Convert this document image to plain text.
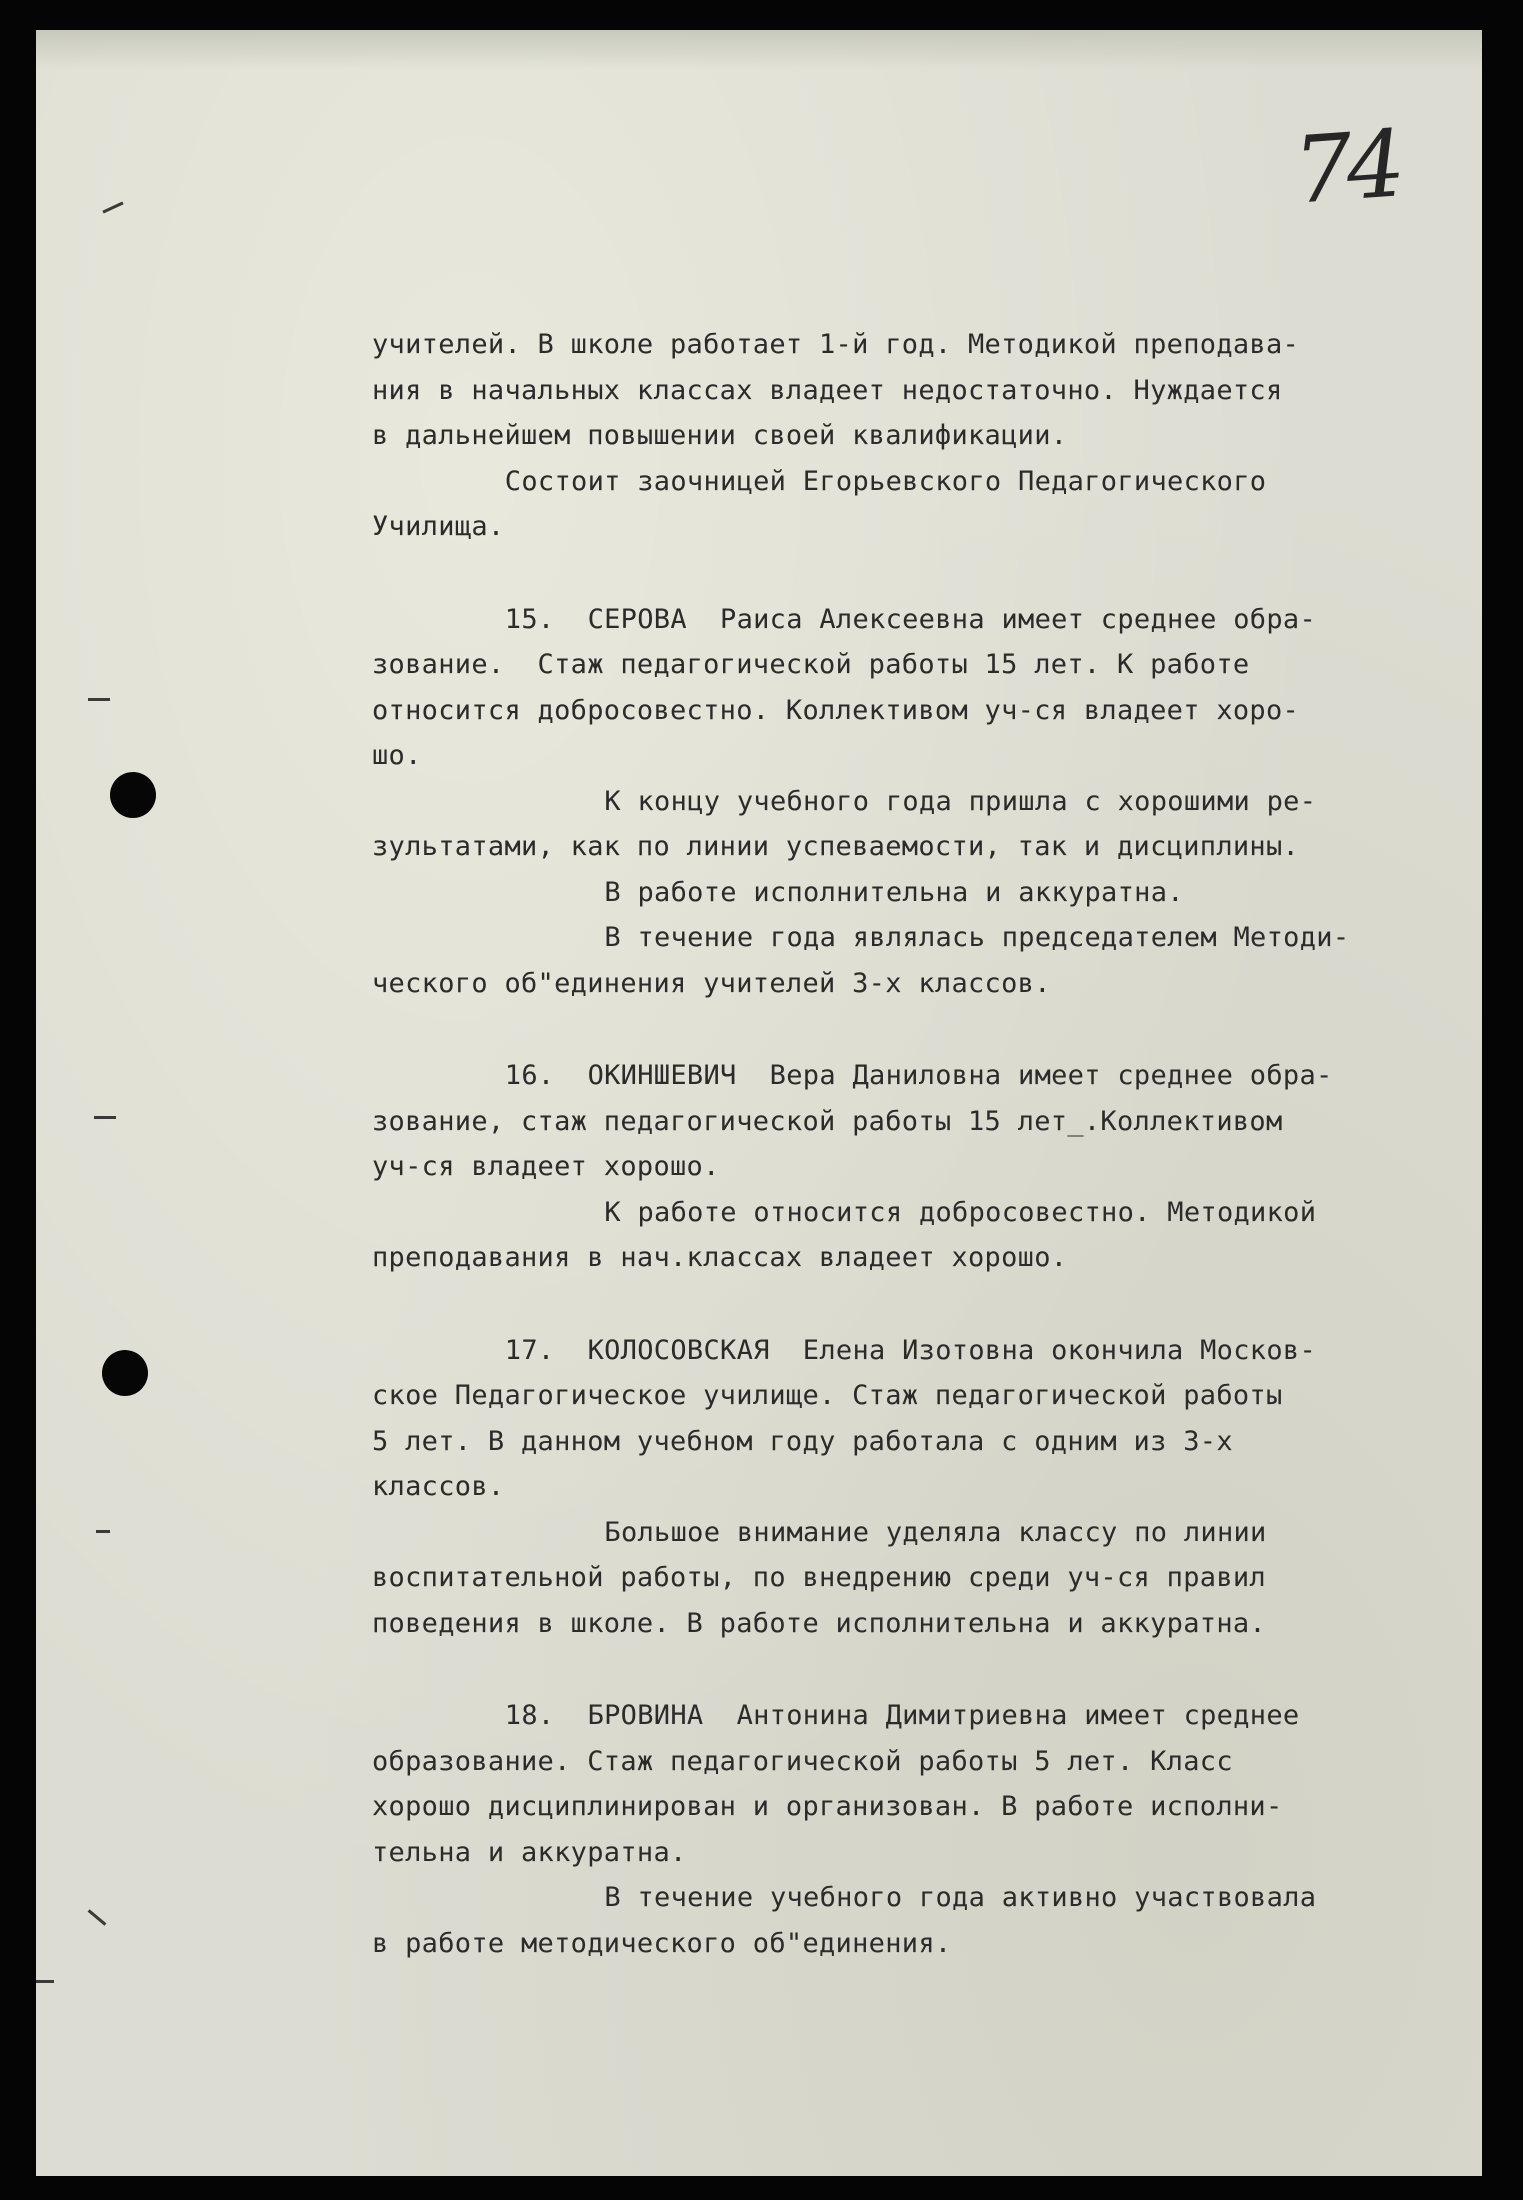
74
учителей. В школе работает 1-й год. Методикой преподава-
ния в начальных классах владеет недостаточно. Нуждается
в дальнейшем повышении своей квалификации.
Состоит заочницей Егорьевского Педагогического
Училища.
15.  СЕРОВА  Раиса Алексеевна имеет среднее обра-
зование.  Стаж педагогической работы 15 лет. К работе
относится добросовестно. Коллективом уч-ся владеет хоро-
шо.
К концу учебного года пришла с хорошими ре-
зультатами, как по линии успеваемости, так и дисциплины.
В работе исполнительна и аккуратна.
В течение года являлась председателем Методи-
ческого об"единения учителей 3-х классов.
16.  ОКИНШЕВИЧ  Вера Даниловна имеет среднее обра-
зование, стаж педагогической работы 15 лет_.Коллективом
уч-ся владеет хорошо.
К работе относится добросовестно. Методикой
преподавания в нач.классах владеет хорошо.
17.  КОЛОСОВСКАЯ  Елена Изотовна окончила Москов-
ское Педагогическое училище. Стаж педагогической работы
5 лет. В данном учебном году работала с одним из 3-х
классов.
Большое внимание уделяла классу по линии
воспитательной работы, по внедрению среди уч-ся правил
поведения в школе. В работе исполнительна и аккуратна.
18.  БРОВИНА  Антонина Димитриевна имеет среднее
образование. Стаж педагогической работы 5 лет. Класс
хорошо дисциплинирован и организован. В работе исполни-
тельна и аккуратна.
В течение учебного года активно участвовала
в работе методического об"единения.
